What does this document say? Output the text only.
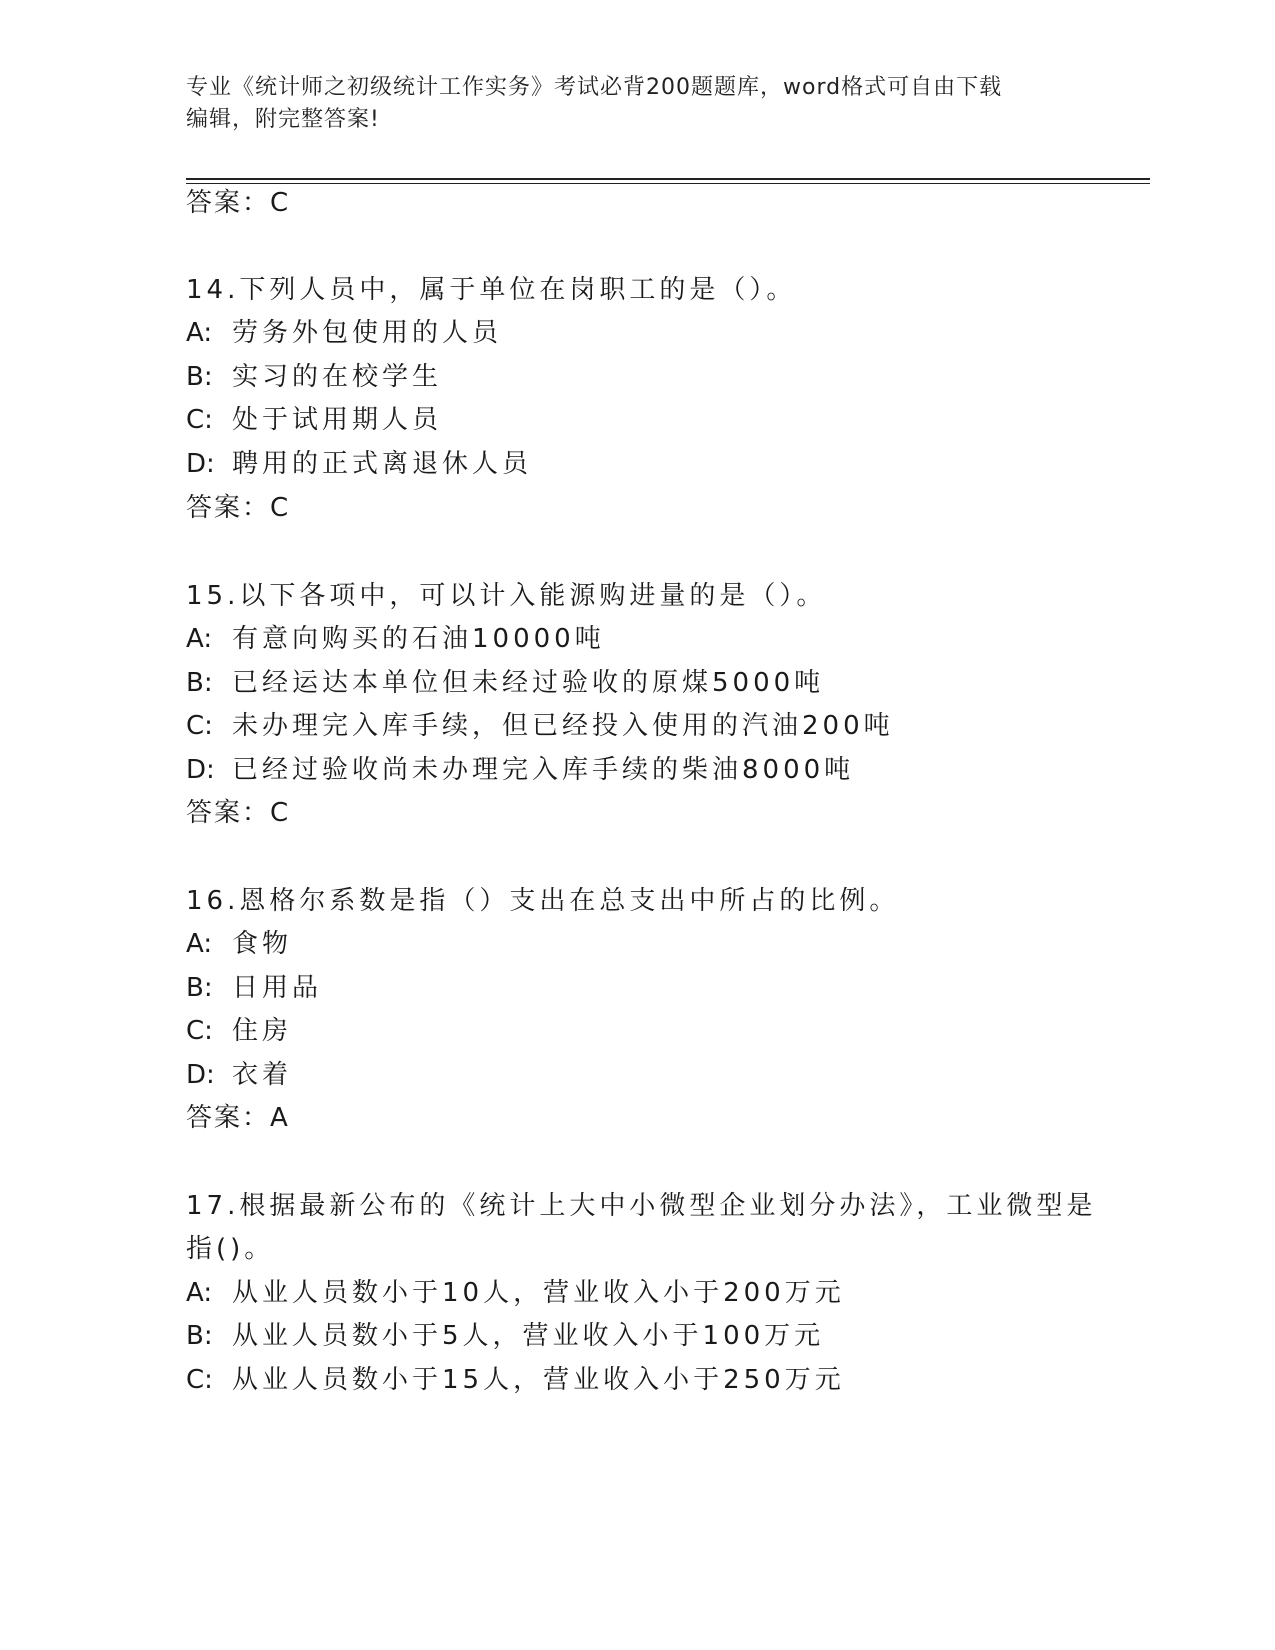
专业《统计师之初级统计工作实务》考试必背200题题库，word格式可自由下载
编辑，附完整答案!
答案：C
14.下列人员中，属于单位在岗职工的是（）。
A: 劳务外包使用的人员
B: 实习的在校学生
C: 处于试用期人员
D: 聘用的正式离退休人员
答案：C
15.以下各项中，可以计入能源购进量的是（）。
A: 有意向购买的石油10000吨
B: 已经运达本单位但未经过验收的原煤5000吨
C: 未办理完入库手续，但已经投入使用的汽油200吨
D: 已经过验收尚未办理完入库手续的柴油8000吨
答案：C
16.恩格尔系数是指（）支出在总支出中所占的比例。
A: 食物
B: 日用品
C: 住房
D: 衣着
答案：A
17.根据最新公布的《统计上大中小微型企业划分办法》，工业微型是
指()。
A: 从业人员数小于10人，营业收入小于200万元
B: 从业人员数小于5人，营业收入小于100万元
C: 从业人员数小于15人，营业收入小于250万元
